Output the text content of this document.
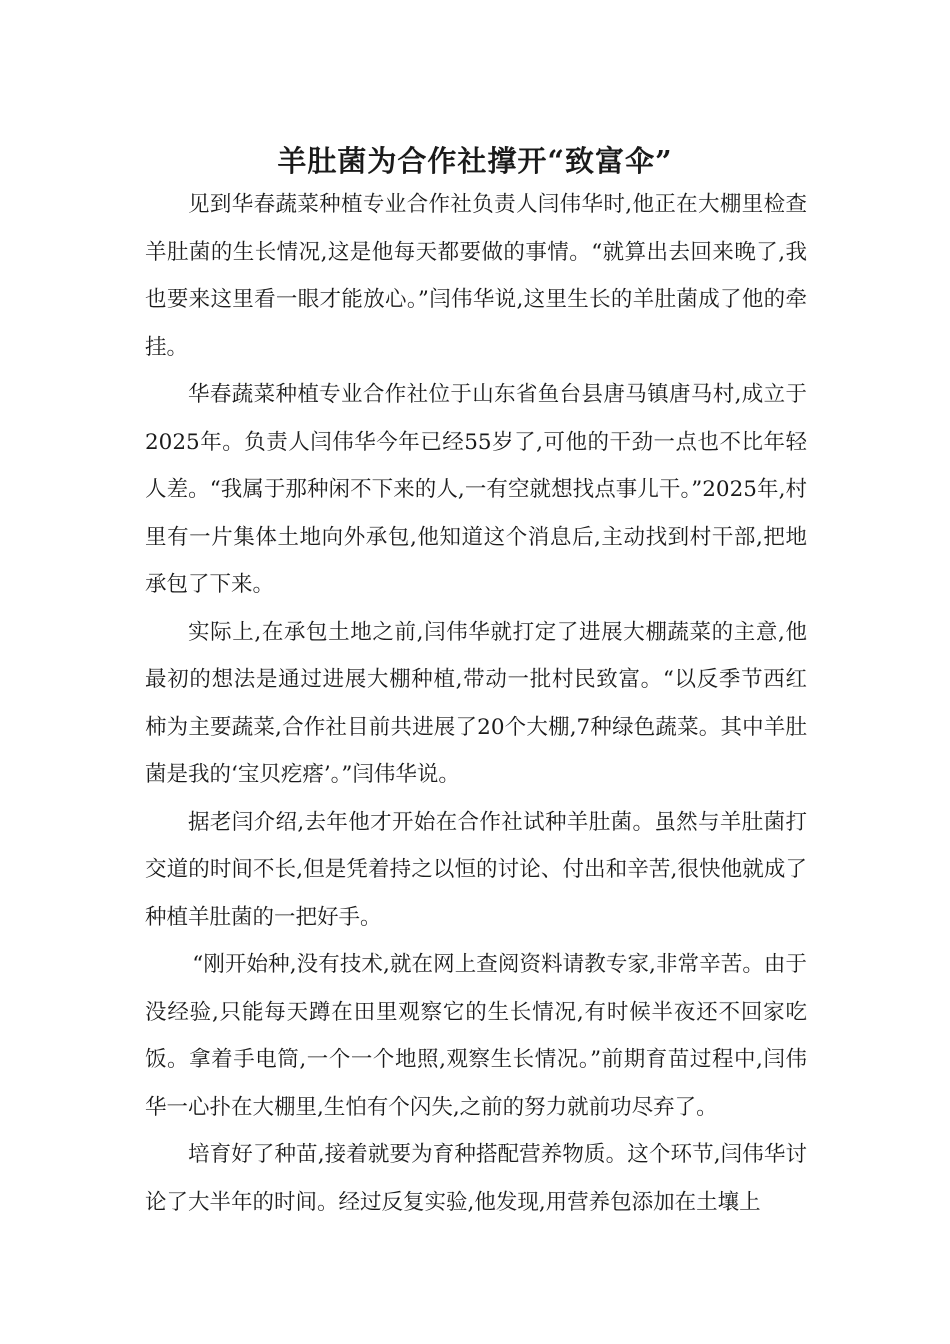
羊肚菌为合作社撑开“致富伞”

见到华春蔬菜种植专业合作社负责人闫伟华时,他正在大棚里检查羊肚菌的生长情况,这是他每天都要做的事情。“就算出去回来晚了,我也要来这里看一眼才能放心。”闫伟华说,这里生长的羊肚菌成了他的牵挂。

华春蔬菜种植专业合作社位于山东省鱼台县唐马镇唐马村,成立于2025年。负责人闫伟华今年已经55岁了,可他的干劲一点也不比年轻人差。“我属于那种闲不下来的人,一有空就想找点事儿干。”2025年,村里有一片集体土地向外承包,他知道这个消息后,主动找到村干部,把地承包了下来。

实际上,在承包土地之前,闫伟华就打定了进展大棚蔬菜的主意,他最初的想法是通过进展大棚种植,带动一批村民致富。“以反季节西红柿为主要蔬菜,合作社目前共进展了20个大棚,7种绿色蔬菜。其中羊肚菌是我的‘宝贝疙瘩’。”闫伟华说。

据老闫介绍,去年他才开始在合作社试种羊肚菌。虽然与羊肚菌打交道的时间不长,但是凭着持之以恒的讨论、付出和辛苦,很快他就成了种植羊肚菌的一把好手。

“刚开始种,没有技术,就在网上查阅资料请教专家,非常辛苦。由于没经验,只能每天蹲在田里观察它的生长情况,有时候半夜还不回家吃饭。拿着手电筒,一个一个地照,观察生长情况。”前期育苗过程中,闫伟华一心扑在大棚里,生怕有个闪失,之前的努力就前功尽弃了。

培育好了种苗,接着就要为育种搭配营养物质。这个环节,闫伟华讨论了大半年的时间。经过反复实验,他发现,用营养包添加在土壤上
